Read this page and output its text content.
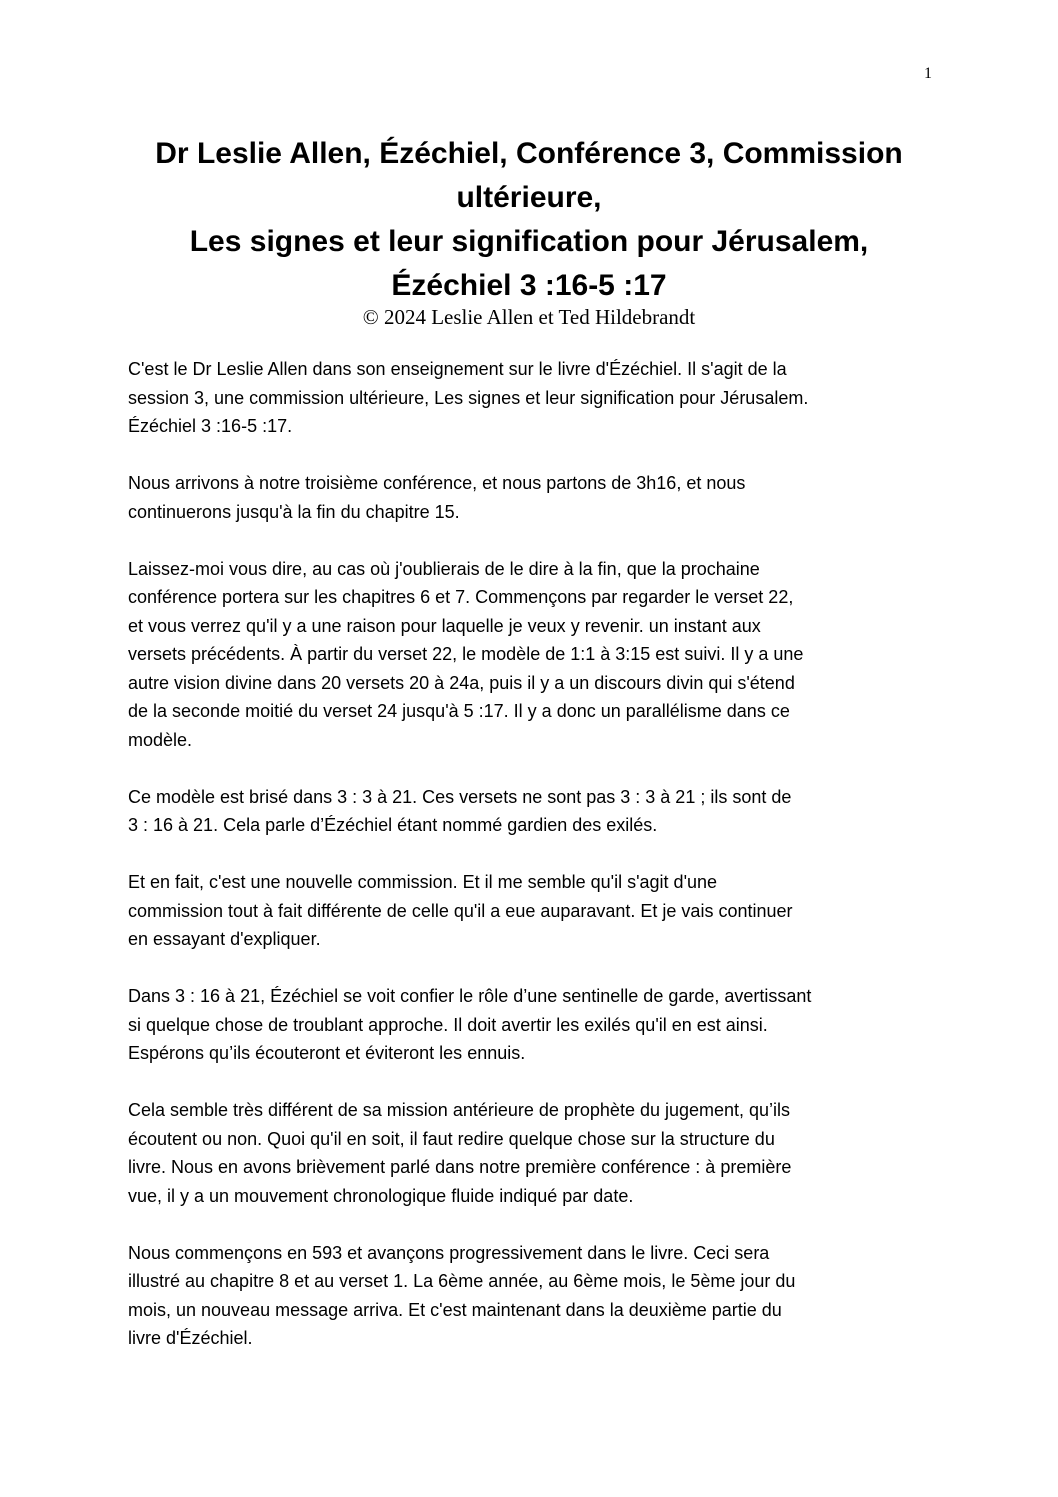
1
Dr Leslie Allen, Ézéchiel, Conférence 3, Commission
ultérieure,
Les signes et leur signification pour Jérusalem,
Ézéchiel 3 :16-5 :17
© 2024 Leslie Allen et Ted Hildebrandt
C'est le Dr Leslie Allen dans son enseignement sur le livre d'Ézéchiel. Il s'agit de la
session 3, une commission ultérieure, Les signes et leur signification pour Jérusalem.
Ézéchiel 3 :16-5 :17.
Nous arrivons à notre troisième conférence, et nous partons de 3h16, et nous
continuerons jusqu'à la fin du chapitre 15.
Laissez-moi vous dire, au cas où j'oublierais de le dire à la fin, que la prochaine
conférence portera sur les chapitres 6 et 7. Commençons par regarder le verset 22,
et vous verrez qu'il y a une raison pour laquelle je veux y revenir. un instant aux
versets précédents. À partir du verset 22, le modèle de 1:1 à 3:15 est suivi. Il y a une
autre vision divine dans 20 versets 20 à 24a, puis il y a un discours divin qui s'étend
de la seconde moitié du verset 24 jusqu'à 5 :17. Il y a donc un parallélisme dans ce
modèle.
Ce modèle est brisé dans 3 : 3 à 21. Ces versets ne sont pas 3 : 3 à 21 ; ils sont de
3 : 16 à 21. Cela parle d’Ézéchiel étant nommé gardien des exilés.
Et en fait, c'est une nouvelle commission. Et il me semble qu'il s'agit d'une
commission tout à fait différente de celle qu'il a eue auparavant. Et je vais continuer
en essayant d'expliquer.
Dans 3 : 16 à 21, Ézéchiel se voit confier le rôle d’une sentinelle de garde, avertissant
si quelque chose de troublant approche. Il doit avertir les exilés qu'il en est ainsi.
Espérons qu’ils écouteront et éviteront les ennuis.
Cela semble très différent de sa mission antérieure de prophète du jugement, qu’ils
écoutent ou non. Quoi qu'il en soit, il faut redire quelque chose sur la structure du
livre. Nous en avons brièvement parlé dans notre première conférence : à première
vue, il y a un mouvement chronologique fluide indiqué par date.
Nous commençons en 593 et avançons progressivement dans le livre. Ceci sera
illustré au chapitre 8 et au verset 1. La 6ème année, au 6ème mois, le 5ème jour du
mois, un nouveau message arriva. Et c'est maintenant dans la deuxième partie du
livre d'Ézéchiel.
